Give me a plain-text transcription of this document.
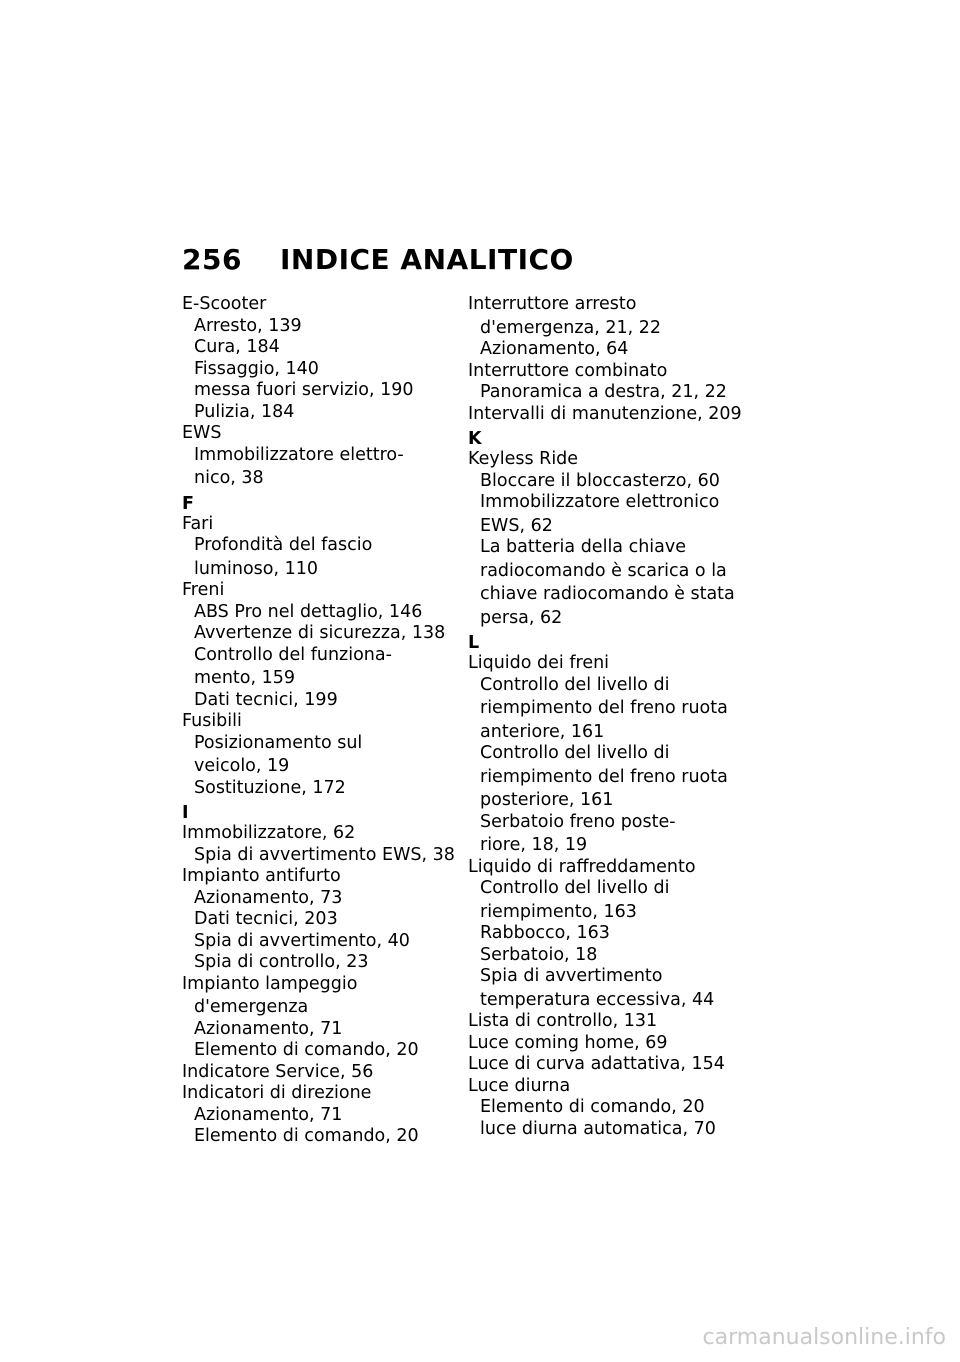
256 INDICE ANALITICO
E-Scooter
Arresto, 139
Cura, 184
Fissaggio, 140
messa fuori servizio, 190
Pulizia, 184
EWS
Immobilizzatore elettro-
nico, 38
F
Fari
Profondità del fascio
luminoso, 110
Freni
ABS Pro nel dettaglio, 146
Avvertenze di sicurezza, 138
Controllo del funziona-
mento, 159
Dati tecnici, 199
Fusibili
Posizionamento sul
veicolo, 19
Sostituzione, 172
I
Immobilizzatore, 62
Spia di avvertimento EWS, 38
Impianto antifurto
Azionamento, 73
Dati tecnici, 203
Spia di avvertimento, 40
Spia di controllo, 23
Impianto lampeggio
d'emergenza
Azionamento, 71
Elemento di comando, 20
Indicatore Service, 56
Indicatori di direzione
Azionamento, 71
Elemento di comando, 20
Interruttore arresto
d'emergenza, 21, 22
Azionamento, 64
Interruttore combinato
Panoramica a destra, 21, 22
Intervalli di manutenzione, 209
K
Keyless Ride
Bloccare il bloccasterzo, 60
Immobilizzatore elettronico
EWS, 62
La batteria della chiave
radiocomando è scarica o la
chiave radiocomando è stata
persa, 62
L
Liquido dei freni
Controllo del livello di
riempimento del freno ruota
anteriore, 161
Controllo del livello di
riempimento del freno ruota
posteriore, 161
Serbatoio freno poste-
riore, 18, 19
Liquido di raffreddamento
Controllo del livello di
riempimento, 163
Rabbocco, 163
Serbatoio, 18
Spia di avvertimento
temperatura eccessiva, 44
Lista di controllo, 131
Luce coming home, 69
Luce di curva adattativa, 154
Luce diurna
Elemento di comando, 20
luce diurna automatica, 70
carmanualsonline.info
